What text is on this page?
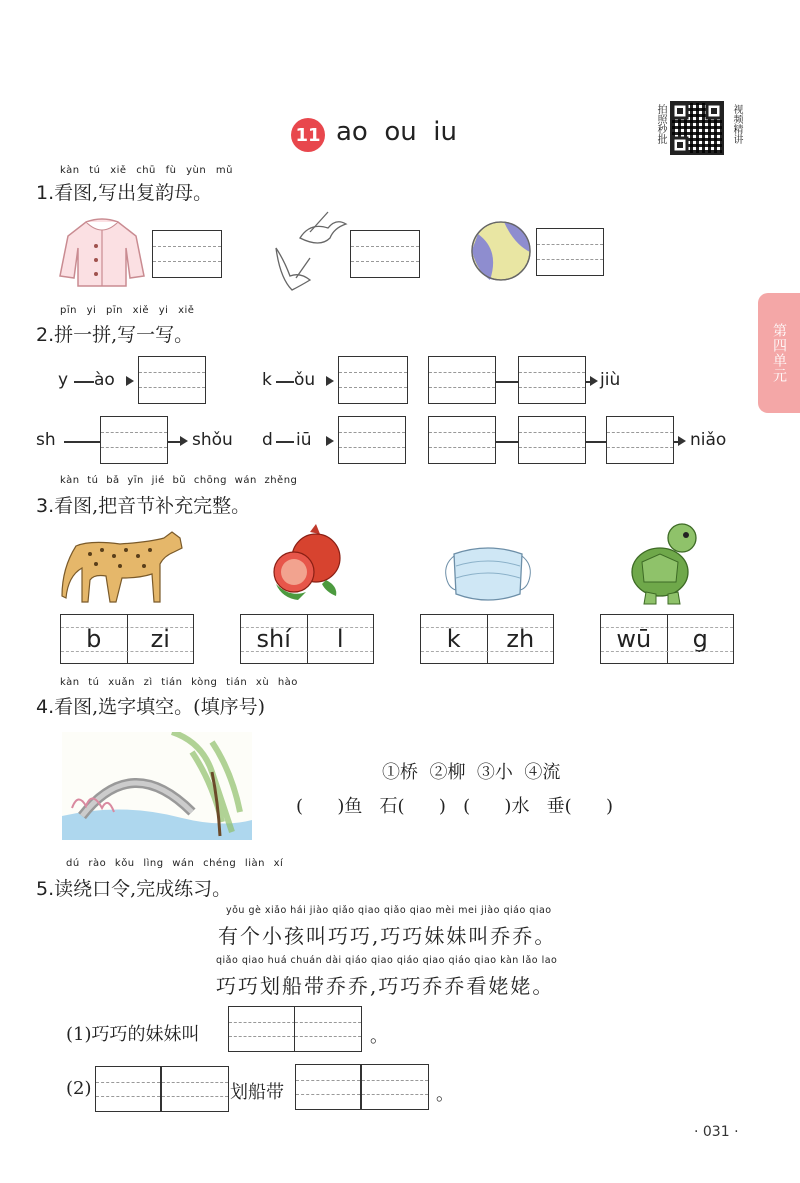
11 ao  ou  iu	拍照秒批	视频精讲
第四单元
kàn tú xiě chū fù yùn mǔ
1.看图,写出复韵母。
pīn yi pīn xiě yi xiě
2.拼一拼,写一写。
y ào	k ǒu	jiù
sh	shǒu d iū	niǎo
kàn tú bǎ yīn jié bǔ chōng wán zhěng
3.看图,把音节补充完整。
b	zi	shí	l	k	zh	wū	g
kàn tú xuǎn zì tián kòng tián xù hào
4.看图,选字填空。(填序号)
①桥  ②柳  ③小  ④流
(      )鱼   石(      )   (      )水   垂(      )
dú rào kǒu lìng wán chéng liàn xí
5.读绕口令,完成练习。
yǒu gè xiǎo hái jiào qiǎo qiao qiǎo qiao mèi mei jiào qiáo qiao
有个小孩叫巧巧,巧巧妹妹叫乔乔。
qiǎo qiao huá chuán dài qiáo qiao qiáo qiao qiáo qiao kàn lǎo lao
巧巧划船带乔乔,巧巧乔乔看姥姥。
(1)巧巧的妹妹叫	。
(2)	划船带	。
· 031 ·
